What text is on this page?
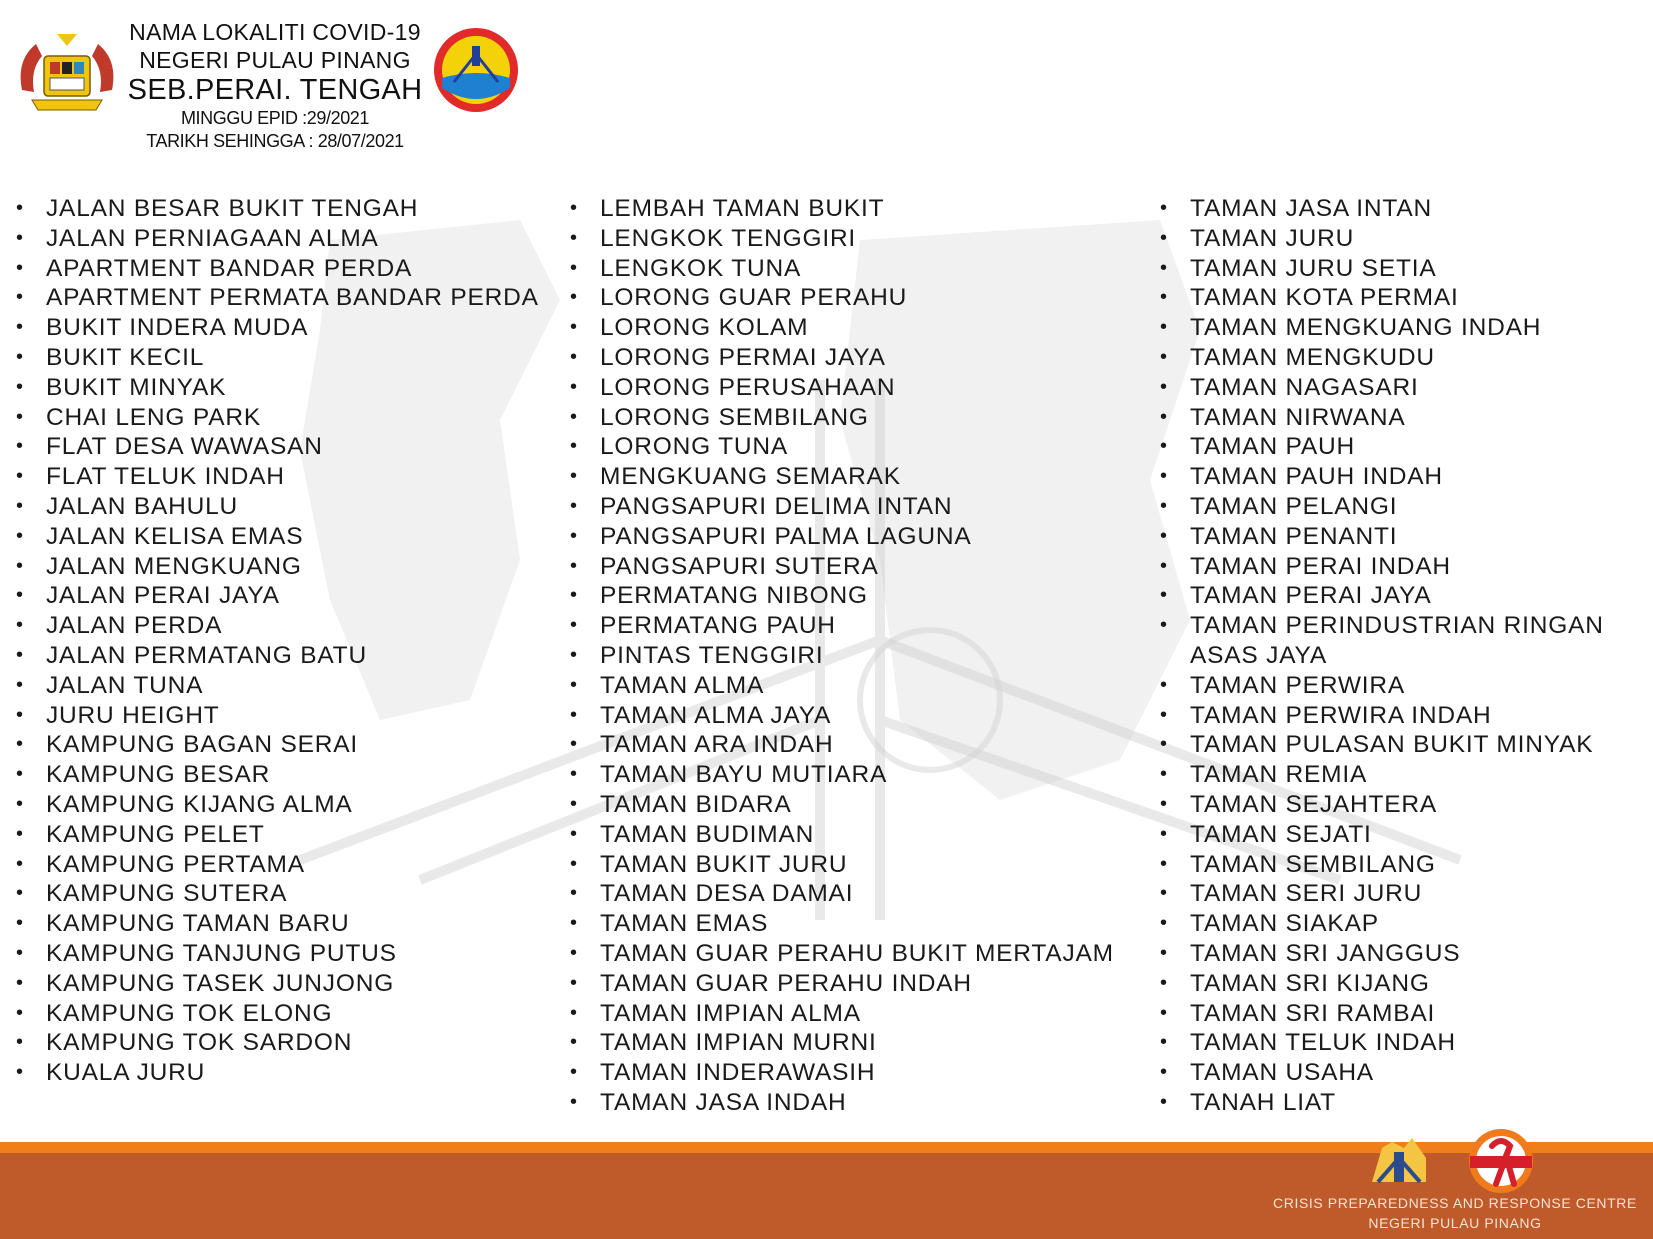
NAMA LOKALITI COVID-19
NEGERI PULAU PINANG
SEB.PERAI. TENGAH
MINGGU EPID :29/2021
TARIKH SEHINGGA : 28/07/2021
• JALAN BESAR BUKIT TENGAH
• JALAN PERNIAGAAN ALMA
• APARTMENT BANDAR PERDA
• APARTMENT PERMATA BANDAR PERDA
• BUKIT INDERA MUDA
• BUKIT KECIL
• BUKIT MINYAK
• CHAI LENG PARK
• FLAT DESA WAWASAN
• FLAT TELUK INDAH
• JALAN BAHULU
• JALAN KELISA EMAS
• JALAN MENGKUANG
• JALAN PERAI JAYA
• JALAN PERDA
• JALAN PERMATANG BATU
• JALAN TUNA
• JURU HEIGHT
• KAMPUNG BAGAN SERAI
• KAMPUNG BESAR
• KAMPUNG KIJANG ALMA
• KAMPUNG PELET
• KAMPUNG PERTAMA
• KAMPUNG SUTERA
• KAMPUNG TAMAN BARU
• KAMPUNG TANJUNG PUTUS
• KAMPUNG TASEK JUNJONG
• KAMPUNG TOK ELONG
• KAMPUNG TOK SARDON
• KUALA JURU
• LEMBAH TAMAN BUKIT
• LENGKOK TENGGIRI
• LENGKOK TUNA
• LORONG GUAR PERAHU
• LORONG KOLAM
• LORONG PERMAI JAYA
• LORONG PERUSAHAAN
• LORONG SEMBILANG
• LORONG TUNA
• MENGKUANG SEMARAK
• PANGSAPURI DELIMA INTAN
• PANGSAPURI PALMA LAGUNA
• PANGSAPURI SUTERA
• PERMATANG NIBONG
• PERMATANG PAUH
• PINTAS TENGGIRI
• TAMAN ALMA
• TAMAN ALMA JAYA
• TAMAN ARA INDAH
• TAMAN BAYU MUTIARA
• TAMAN BIDARA
• TAMAN BUDIMAN
• TAMAN BUKIT JURU
• TAMAN DESA DAMAI
• TAMAN EMAS
• TAMAN GUAR PERAHU BUKIT MERTAJAM
• TAMAN GUAR PERAHU INDAH
• TAMAN IMPIAN ALMA
• TAMAN IMPIAN MURNI
• TAMAN INDERAWASIH
• TAMAN JASA INDAH
• TAMAN JASA INTAN
• TAMAN JURU
• TAMAN JURU SETIA
• TAMAN KOTA PERMAI
• TAMAN MENGKUANG INDAH
• TAMAN MENGKUDU
• TAMAN NAGASARI
• TAMAN NIRWANA
• TAMAN PAUH
• TAMAN PAUH INDAH
• TAMAN PELANGI
• TAMAN PENANTI
• TAMAN PERAI INDAH
• TAMAN PERAI JAYA
• TAMAN PERINDUSTRIAN RINGAN ASAS JAYA
• TAMAN PERWIRA
• TAMAN PERWIRA INDAH
• TAMAN PULASAN BUKIT MINYAK
• TAMAN REMIA
• TAMAN SEJAHTERA
• TAMAN SEJATI
• TAMAN SEMBILANG
• TAMAN SERI JURU
• TAMAN SIAKAP
• TAMAN SRI JANGGUS
• TAMAN SRI KIJANG
• TAMAN SRI RAMBAI
• TAMAN TELUK INDAH
• TAMAN USAHA
• TANAH LIAT
CRISIS PREPAREDNESS AND RESPONSE CENTRE
NEGERI PULAU PINANG
